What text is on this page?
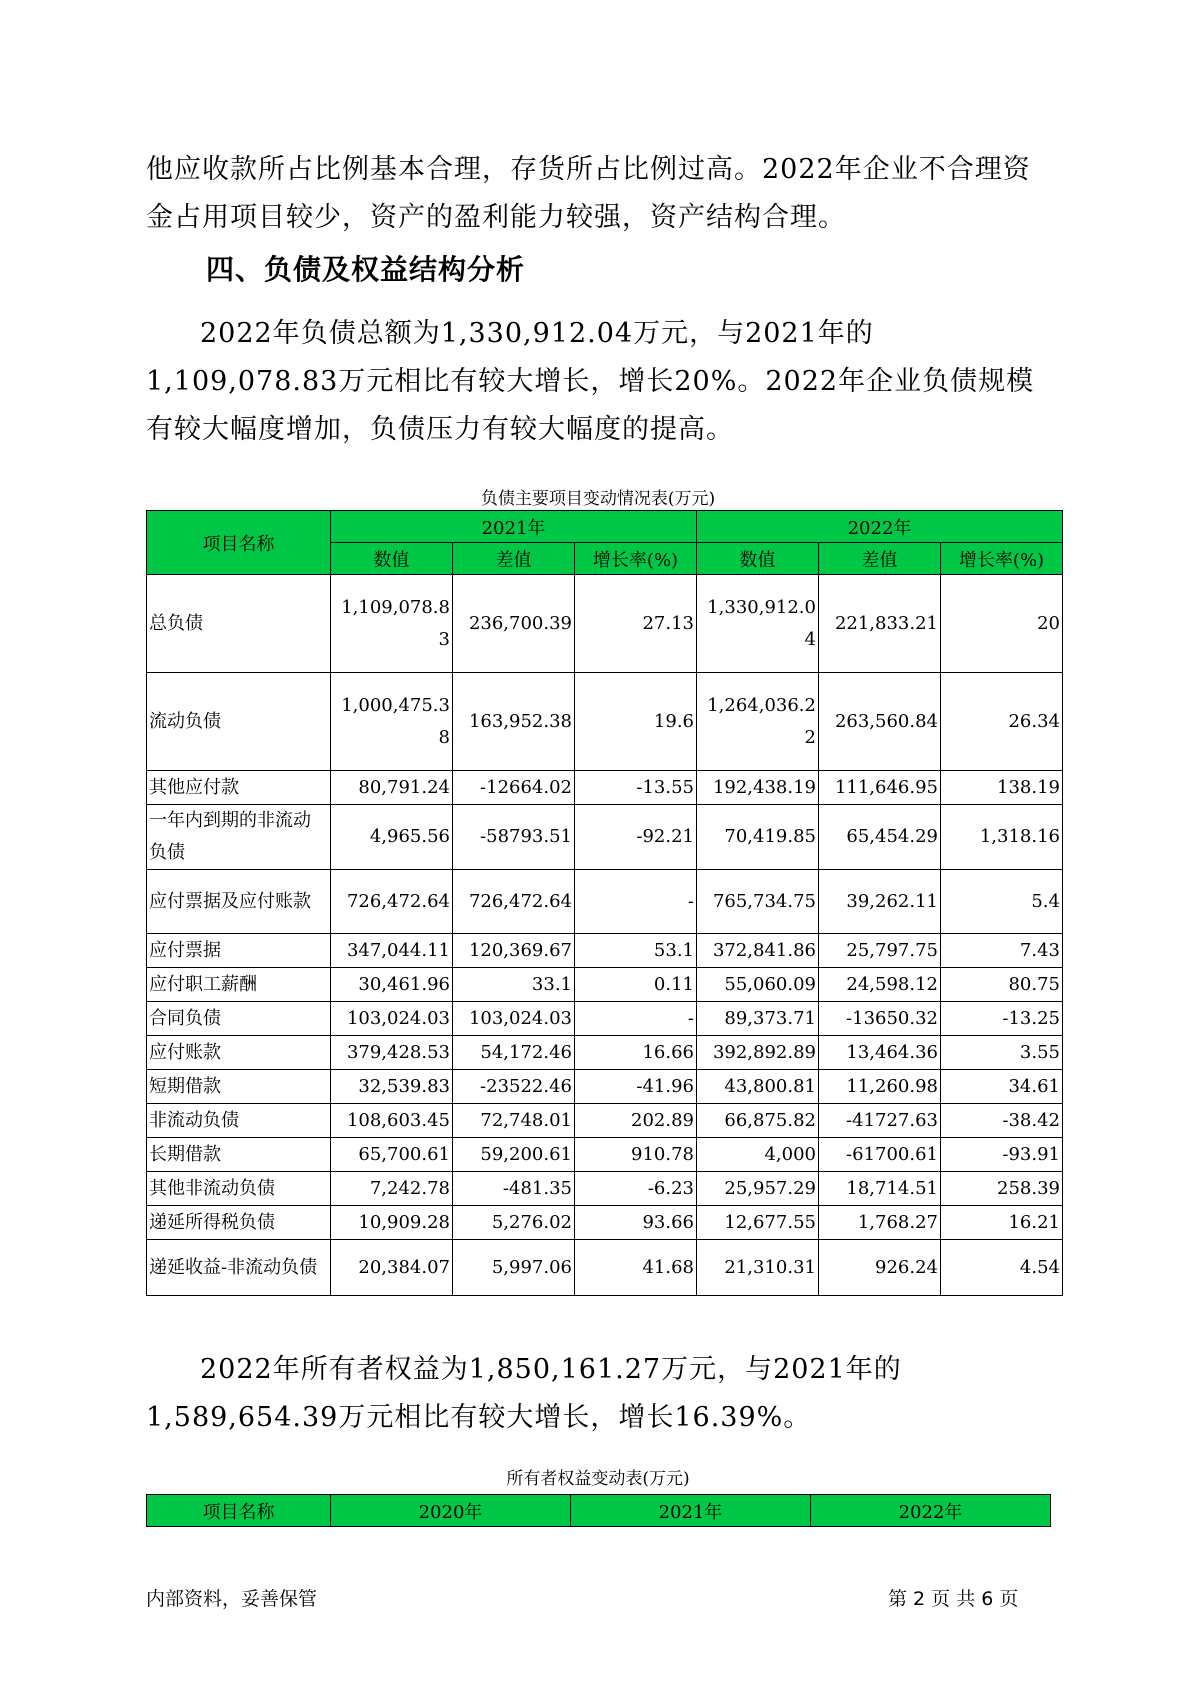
他应收款所占比例基本合理，存货所占比例过高。2022年企业不合理资金占用项目较少，资产的盈利能力较强，资产结构合理。
四、负债及权益结构分析
2022年负债总额为1,330,912.04万元，与2021年的1,109,078.83万元相比有较大增长，增长20%。2022年企业负债规模有较大幅度增加，负债压力有较大幅度的提高。
负债主要项目变动情况表(万元)
项目名称	2021年			2022年		
	数值	差值	增长率(%)	数值	差值	增长率(%)
总负债	1,109,078.83	236,700.39	27.13	1,330,912.04	221,833.21	20
流动负债	1,000,475.38	163,952.38	19.6	1,264,036.22	263,560.84	26.34
其他应付款	80,791.24	-12664.02	-13.55	192,438.19	111,646.95	138.19
一年内到期的非流动负债	4,965.56	-58793.51	-92.21	70,419.85	65,454.29	1,318.16
应付票据及应付账款	726,472.64	726,472.64	-	765,734.75	39,262.11	5.4
应付票据	347,044.11	120,369.67	53.1	372,841.86	25,797.75	7.43
应付职工薪酬	30,461.96	33.1	0.11	55,060.09	24,598.12	80.75
合同负债	103,024.03	103,024.03	-	89,373.71	-13650.32	-13.25
应付账款	379,428.53	54,172.46	16.66	392,892.89	13,464.36	3.55
短期借款	32,539.83	-23522.46	-41.96	43,800.81	11,260.98	34.61
非流动负债	108,603.45	72,748.01	202.89	66,875.82	-41727.63	-38.42
长期借款	65,700.61	59,200.61	910.78	4,000	-61700.61	-93.91
其他非流动负债	7,242.78	-481.35	-6.23	25,957.29	18,714.51	258.39
递延所得税负债	10,909.28	5,276.02	93.66	12,677.55	1,768.27	16.21
递延收益-非流动负债	20,384.07	5,997.06	41.68	21,310.31	926.24	4.54
2022年所有者权益为1,850,161.27万元，与2021年的1,589,654.39万元相比有较大增长，增长16.39%。
所有者权益变动表(万元)
项目名称	2020年	2021年	2022年
内部资料，妥善保管	第 2 页 共 6 页
